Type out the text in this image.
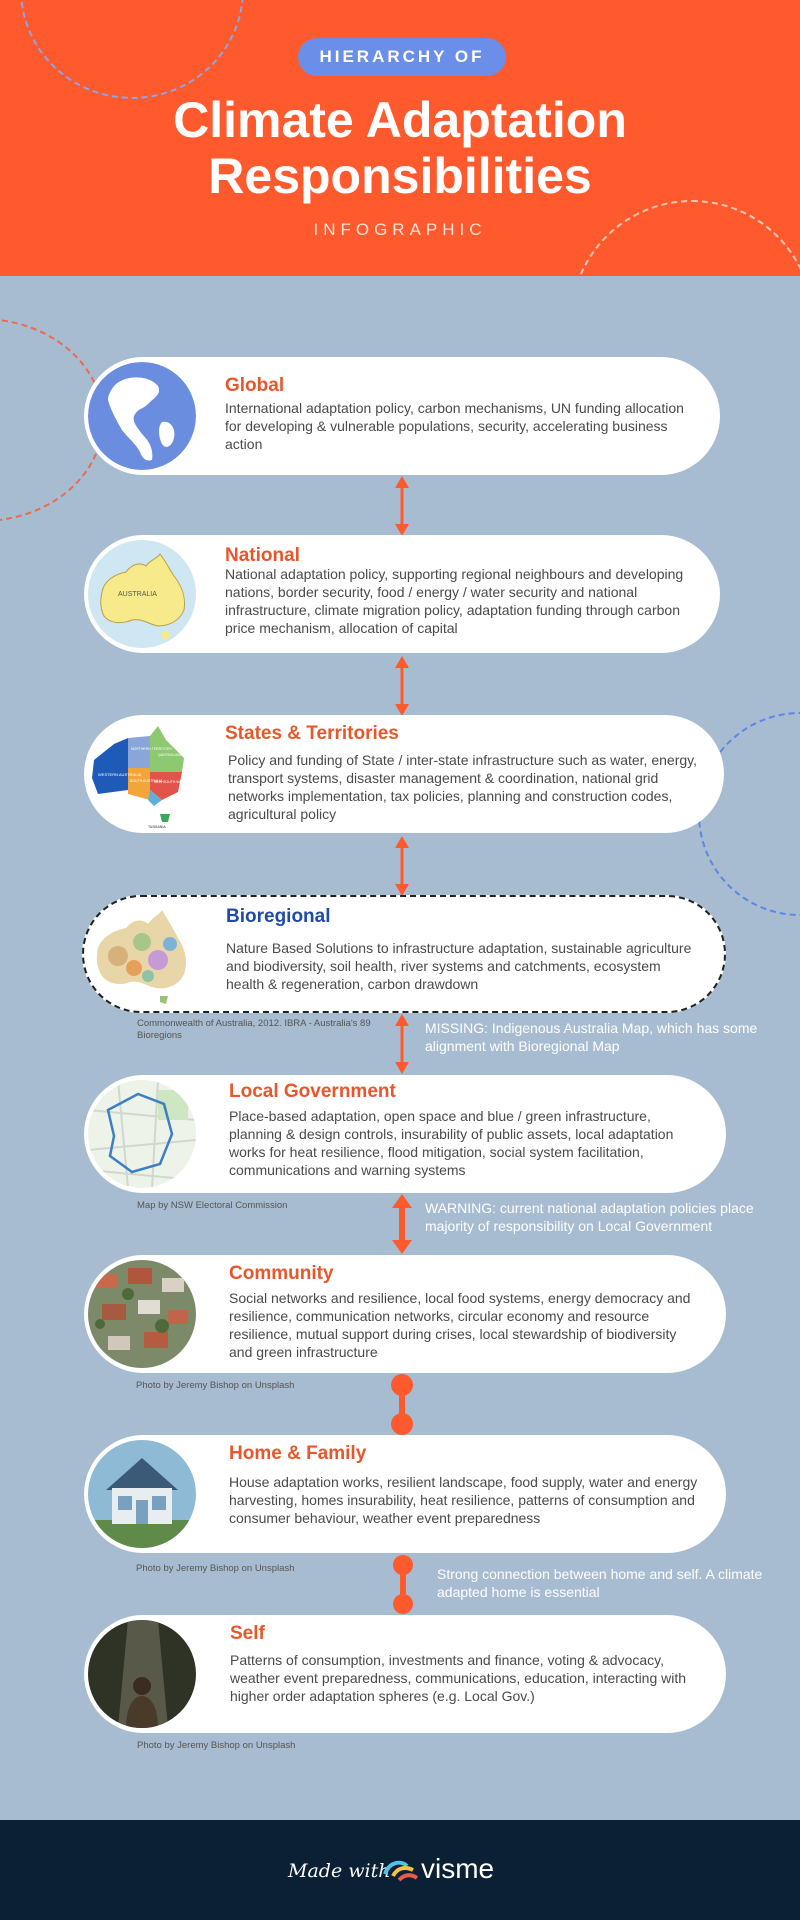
HIERARCHY OF
Climate Adaptation
Responsibilities
INFOGRAPHIC
Global
International adaptation policy, carbon mechanisms, UN funding allocation for developing & vulnerable populations, security, accelerating business action
AUSTRALIA
National
National adaptation policy, supporting regional neighbours and developing nations, border security, food / energy / water security and national infrastructure, climate migration policy, adaptation funding through carbon price mechanism, allocation of capital
WESTERN AUSTRALIA
NORTHERN TERRITORY
QUEENSLAND
SOUTH AUSTRALIA
NEW SOUTH WALES
TASMANIA
States & Territories
Policy and funding of State / inter-state infrastructure such as water, energy, transport systems, disaster management & coordination, national grid networks implementation, tax policies, planning and construction codes, agricultural policy
Bioregional
Nature Based Solutions to infrastructure adaptation, sustainable agriculture and biodiversity, soil health, river systems and catchments, ecosystem health & regeneration, carbon drawdown
Commonwealth of Australia, 2012. IBRA - Australia's 89 Bioregions	MISSING: Indigenous Australia Map, which has some alignment with Bioregional Map
Local Government
Place-based adaptation, open space and blue / green infrastructure, planning & design controls, insurability of public assets, local adaptation works for heat resilience, flood mitigation, social system facilitation, communications and warning systems
Map by NSW Electoral Commission	WARNING: current national adaptation policies place majority of responsibility on Local Government
Community
Social networks and resilience, local food systems, energy democracy and resilience, communication networks, circular economy and resource resilience, mutual support during crises, local stewardship of biodiversity and green infrastructure
Photo by Jeremy Bishop on Unsplash
Home & Family
House adaptation works, resilient landscape, food supply, water and energy harvesting, homes insurability, heat resilience, patterns of consumption and consumer behaviour, weather event preparedness
Photo by Jeremy Bishop on Unsplash	Strong connection between home and self. A climate adapted home is essential
Self
Patterns of consumption, investments and finance, voting & advocacy, weather event preparedness, communications, education, interacting with higher order adaptation spheres (e.g. Local Gov.)
Photo by Jeremy Bishop on Unsplash
Made with visme
